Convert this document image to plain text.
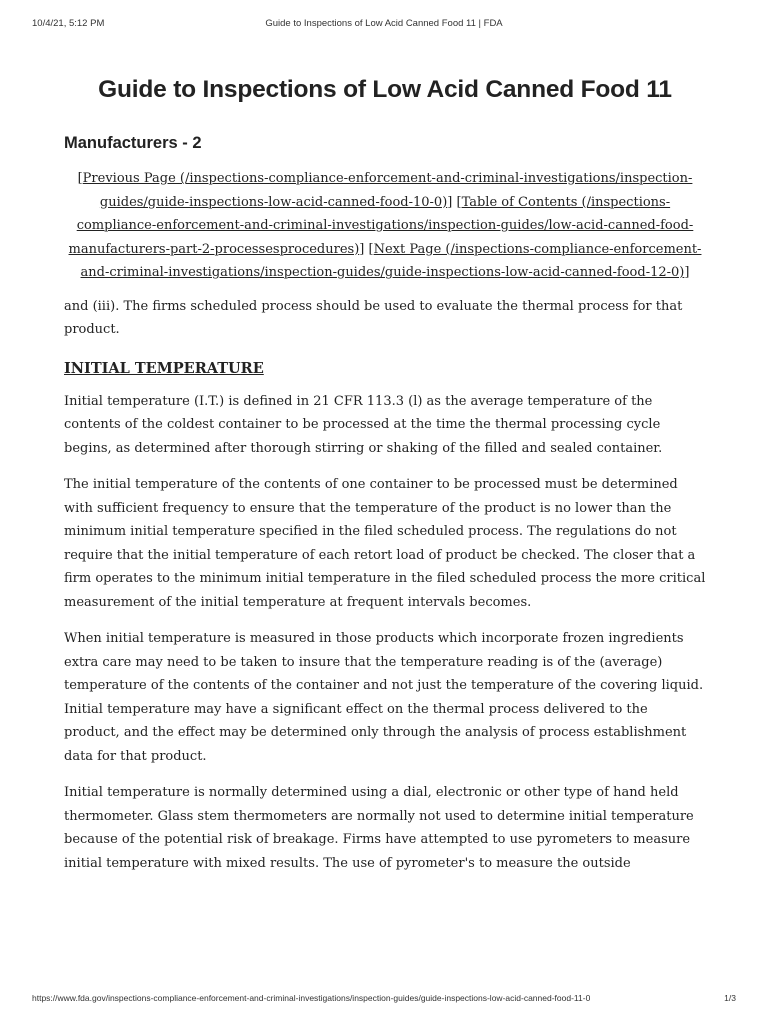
10/4/21, 5:12 PM	Guide to Inspections of Low Acid Canned Food 11 | FDA
Guide to Inspections of Low Acid Canned Food 11
Manufacturers - 2
[Previous Page (/inspections-compliance-enforcement-and-criminal-investigations/inspection-guides/guide-inspections-low-acid-canned-food-10-0)] [Table of Contents (/inspections-compliance-enforcement-and-criminal-investigations/inspection-guides/low-acid-canned-food-manufacturers-part-2-processesprocedures)] [Next Page (/inspections-compliance-enforcement-and-criminal-investigations/inspection-guides/guide-inspections-low-acid-canned-food-12-0)]

and (iii). The firms scheduled process should be used to evaluate the thermal process for that product.

INITIAL TEMPERATURE

Initial temperature (I.T.) is defined in 21 CFR 113.3 (l) as the average temperature of the contents of the coldest container to be processed at the time the thermal processing cycle begins, as determined after thorough stirring or shaking of the filled and sealed container.

The initial temperature of the contents of one container to be processed must be determined with sufficient frequency to ensure that the temperature of the product is no lower than the minimum initial temperature specified in the filed scheduled process. The regulations do not require that the initial temperature of each retort load of product be checked. The closer that a firm operates to the minimum initial temperature in the filed scheduled process the more critical measurement of the initial temperature at frequent intervals becomes.

When initial temperature is measured in those products which incorporate frozen ingredients extra care may need to be taken to insure that the temperature reading is of the (average) temperature of the contents of the container and not just the temperature of the covering liquid. Initial temperature may have a significant effect on the thermal process delivered to the product, and the effect may be determined only through the analysis of process establishment data for that product.

Initial temperature is normally determined using a dial, electronic or other type of hand held thermometer. Glass stem thermometers are normally not used to determine initial temperature because of the potential risk of breakage. Firms have attempted to use pyrometers to measure initial temperature with mixed results. The use of pyrometer's to measure the outside

https://www.fda.gov/inspections-compliance-enforcement-and-criminal-investigations/inspection-guides/guide-inspections-low-acid-canned-food-11-0	1/3
